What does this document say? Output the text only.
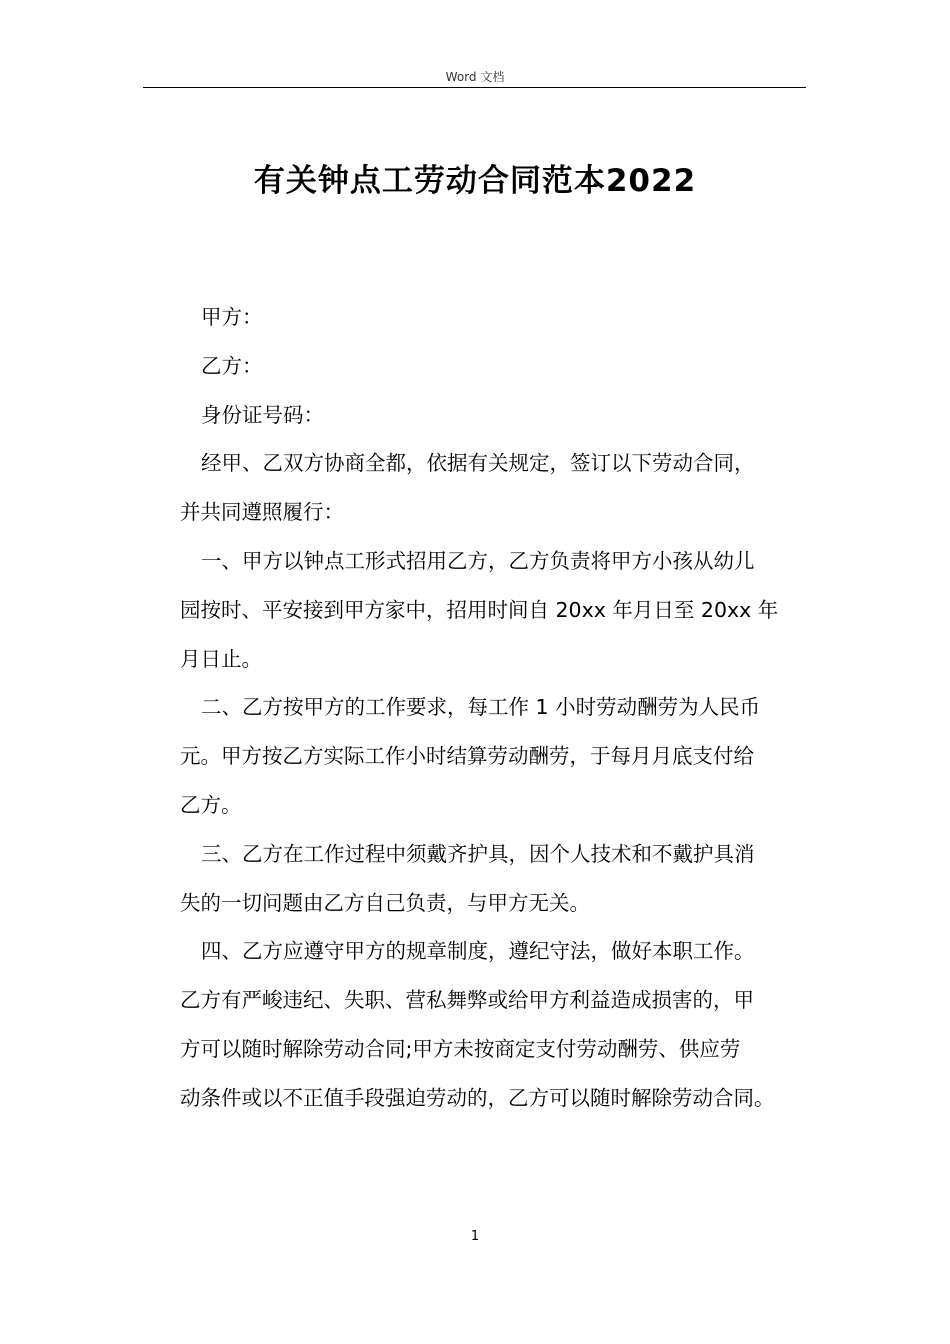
Word 文档
有关钟点工劳动合同范本2022
甲方：
乙方：
身份证号码：
经甲、乙双方协商全都，依据有关规定，签订以下劳动合同，
并共同遵照履行：
一、甲方以钟点工形式招用乙方，乙方负责将甲方小孩从幼儿
园按时、平安接到甲方家中，招用时间自 20xx 年月日至 20xx 年
月日止。
二、乙方按甲方的工作要求，每工作 1 小时劳动酬劳为人民币
元。甲方按乙方实际工作小时结算劳动酬劳，于每月月底支付给
乙方。
三、乙方在工作过程中须戴齐护具，因个人技术和不戴护具消
失的一切问题由乙方自己负责，与甲方无关。
四、乙方应遵守甲方的规章制度，遵纪守法，做好本职工作。
乙方有严峻违纪、失职、营私舞弊或给甲方利益造成损害的，甲
方可以随时解除劳动合同;甲方未按商定支付劳动酬劳、供应劳
动条件或以不正值手段强迫劳动的，乙方可以随时解除劳动合同。
1
